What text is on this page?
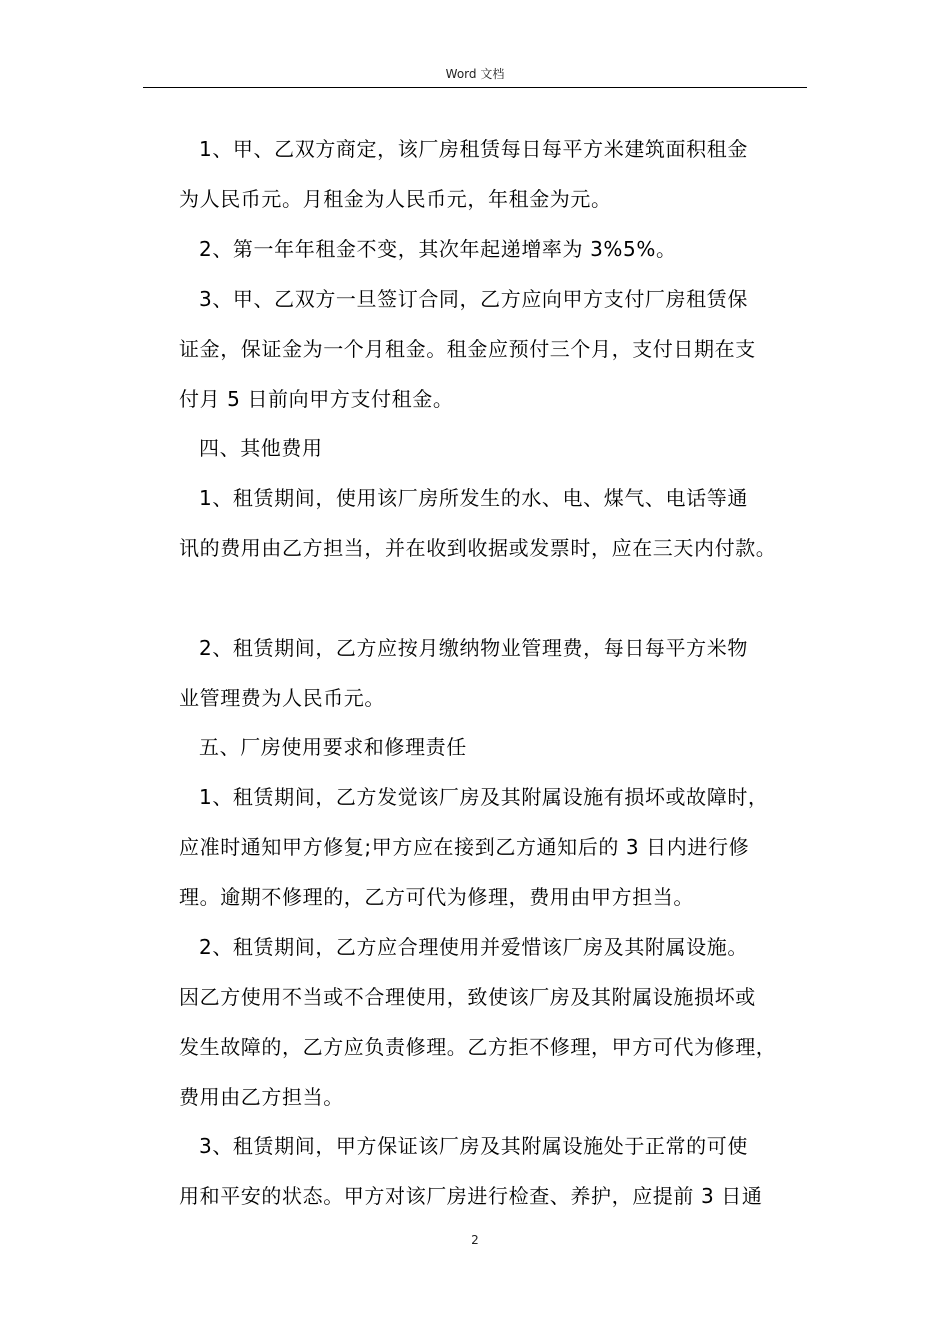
Word 文档
1、甲、乙双方商定，该厂房租赁每日每平方米建筑面积租金
为人民币元。月租金为人民币元，年租金为元。
2、第一年年租金不变，其次年起递增率为 3%5%。
3、甲、乙双方一旦签订合同，乙方应向甲方支付厂房租赁保
证金，保证金为一个月租金。租金应预付三个月，支付日期在支
付月 5 日前向甲方支付租金。
四、其他费用
1、租赁期间，使用该厂房所发生的水、电、煤气、电话等通
讯的费用由乙方担当，并在收到收据或发票时，应在三天内付款。
2、租赁期间，乙方应按月缴纳物业管理费，每日每平方米物
业管理费为人民币元。
五、厂房使用要求和修理责任
1、租赁期间，乙方发觉该厂房及其附属设施有损坏或故障时，
应准时通知甲方修复;甲方应在接到乙方通知后的 3 日内进行修
理。逾期不修理的，乙方可代为修理，费用由甲方担当。
2、租赁期间，乙方应合理使用并爱惜该厂房及其附属设施。
因乙方使用不当或不合理使用，致使该厂房及其附属设施损坏或
发生故障的，乙方应负责修理。乙方拒不修理，甲方可代为修理，
费用由乙方担当。
3、租赁期间，甲方保证该厂房及其附属设施处于正常的可使
用和平安的状态。甲方对该厂房进行检查、养护，应提前 3 日通
2
